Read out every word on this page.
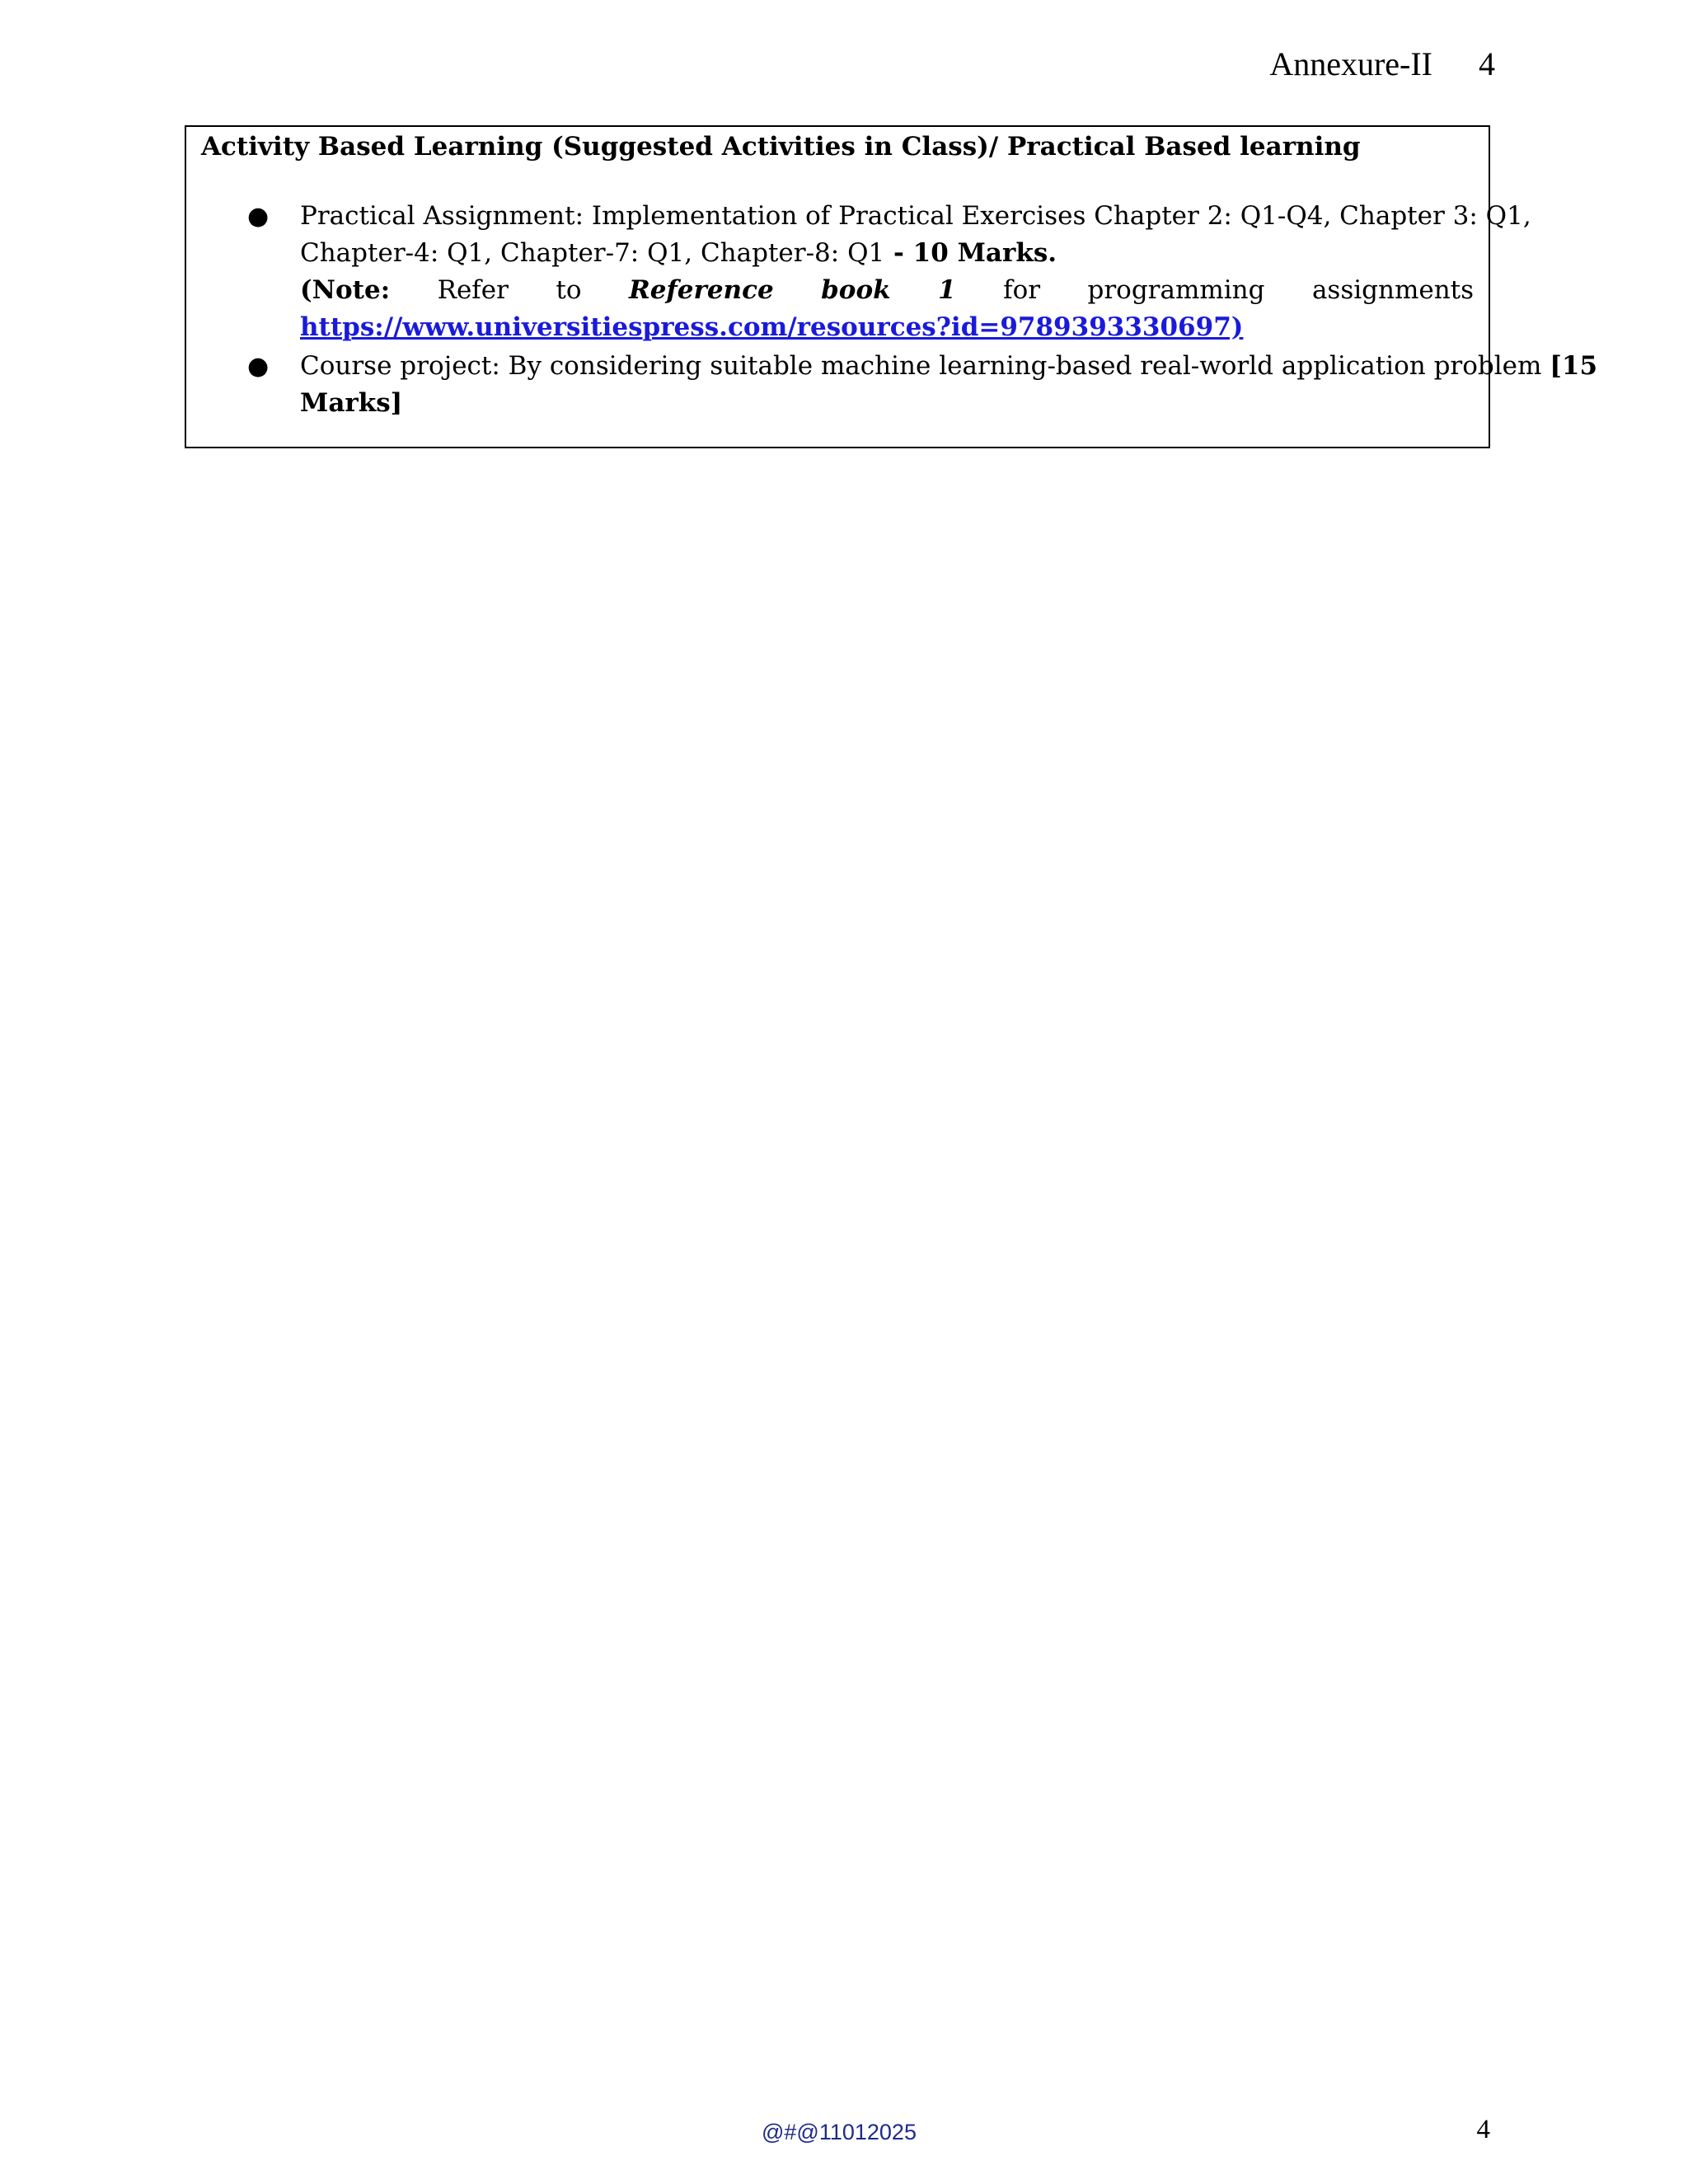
Annexure-II 4
Activity Based Learning (Suggested Activities in Class)/ Practical Based learning
● Practical Assignment: Implementation of Practical Exercises Chapter 2: Q1-Q4, Chapter 3: Q1,
Chapter-4: Q1, Chapter-7: Q1, Chapter-8: Q1 - 10 Marks.
(Note: Refer to Reference book 1 for programming assignments
https://www.universitiespress.com/resources?id=9789393330697)
● Course project: By considering suitable machine learning-based real-world application problem [15
Marks]
@#@11012025	4
